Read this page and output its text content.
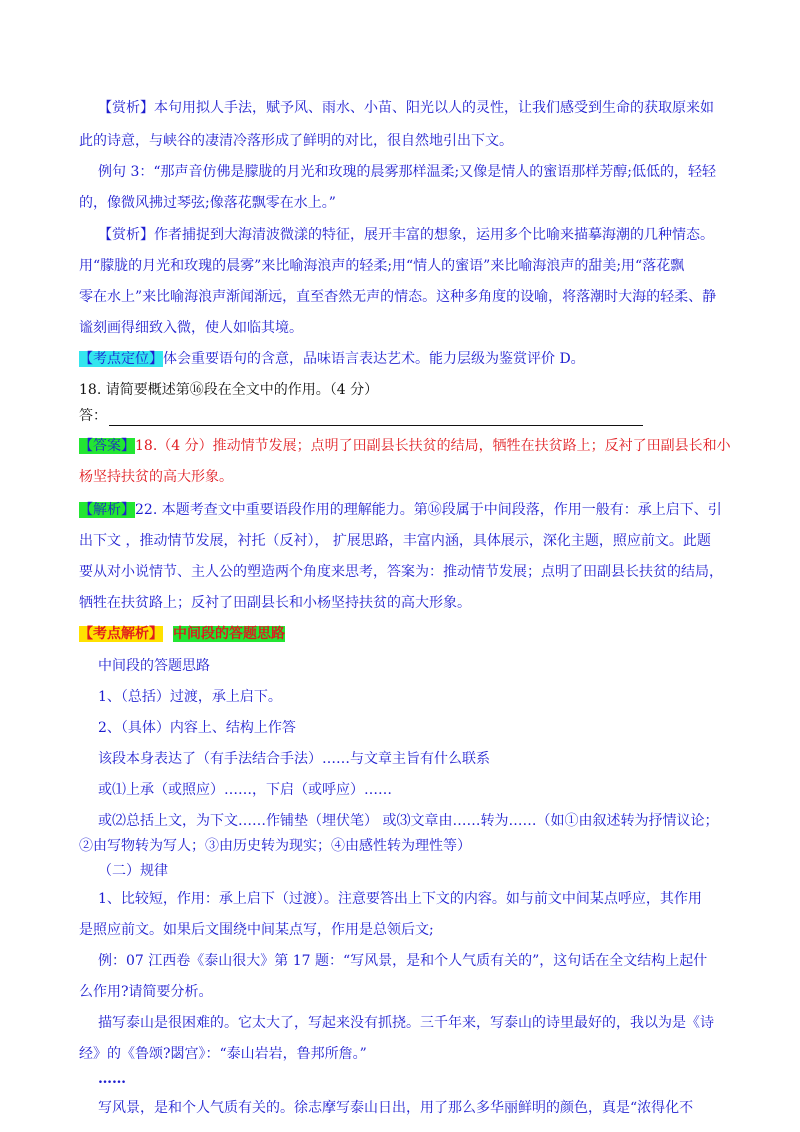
【赏析】本句用拟人手法，赋予风、雨水、小苗、阳光以人的灵性，让我们感受到生命的获取原来如
此的诗意，与峡谷的凄清冷落形成了鲜明的对比，很自然地引出下文。
例句 3：“那声音仿佛是朦胧的月光和玫瑰的晨雾那样温柔;又像是情人的蜜语那样芳醇;低低的，轻轻
的，像微风拂过琴弦;像落花飘零在水上。”
【赏析】作者捕捉到大海清波微漾的特征，展开丰富的想象，运用多个比喻来描摹海潮的几种情态。
用“朦胧的月光和玫瑰的晨雾”来比喻海浪声的轻柔;用“情人的蜜语”来比喻海浪声的甜美;用“落花飘
零在水上”来比喻海浪声渐闻渐远，直至杳然无声的情态。这种多角度的设喻，将落潮时大海的轻柔、静
谧刻画得细致入微，使人如临其境。
【考点定位】体会重要语句的含意，品味语言表达艺术。能力层级为鉴赏评价 D。
18. 请简要概述第⑯段在全文中的作用。（4 分）
答：
【答案】18.（4 分）推动情节发展；点明了田副县长扶贫的结局，牺牲在扶贫路上；反衬了田副县长和小
杨坚持扶贫的高大形象。
【解析】22. 本题考查文中重要语段作用的理解能力。第⑯段属于中间段落，作用一般有：承上启下、引
出下文 ，推动情节发展，衬托（反衬）， 扩展思路，丰富内涵，具体展示，深化主题，照应前文。此题
要从对小说情节、主人公的塑造两个角度来思考，答案为：推动情节发展；点明了田副县长扶贫的结局，
牺牲在扶贫路上；反衬了田副县长和小杨坚持扶贫的高大形象。
【考点解析】 中间段的答题思路
中间段的答题思路
1、（总括）过渡，承上启下。
2、（具体）内容上、结构上作答
该段本身表达了（有手法结合手法）……与文章主旨有什么联系
或⑴上承（或照应）……，下启（或呼应）……
或⑵总括上文，为下文……作铺垫（埋伏笔） 或⑶文章由……转为……（如①由叙述转为抒情议论；
②由写物转为写人；③由历史转为现实；④由感性转为理性等）
（二）规律
1、比较短，作用：承上启下（过渡）。注意要答出上下文的内容。如与前文中间某点呼应，其作用
是照应前文。如果后文围绕中间某点写，作用是总领后文;
例：07 江西卷《泰山很大》第 17 题：“写风景，是和个人气质有关的”，这句话在全文结构上起什
么作用?请简要分析。
描写泰山是很困难的。它太大了，写起来没有抓挠。三千年来，写泰山的诗里最好的，我以为是《诗
经》的《鲁颂?閟宫》：“泰山岩岩，鲁邦所詹。”
……
写风景，是和个人气质有关的。徐志摩写泰山日出，用了那么多华丽鲜明的颜色，真是“浓得化不
